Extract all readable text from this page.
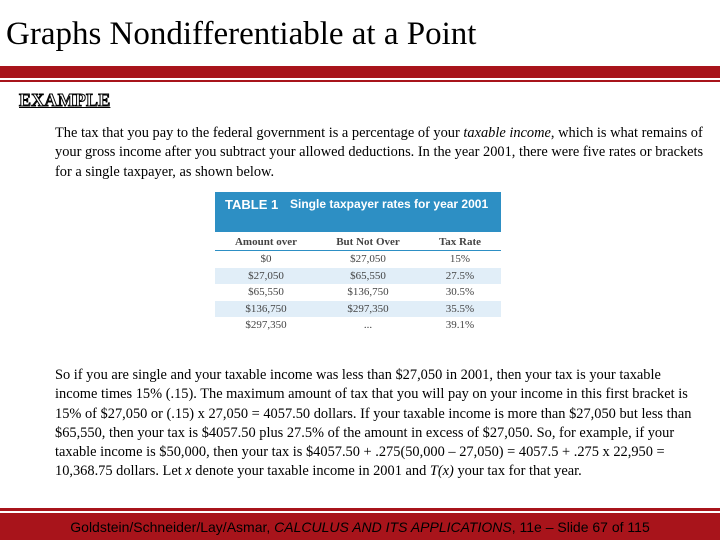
Graphs Nondifferentiable at a Point
EXAMPLE

The tax that you pay to the federal government is a percentage of your taxable income, which is what remains of your gross income after you subtract your allowed deductions. In the year 2001, there were five rates or brackets for a single taxpayer, as shown below.

TABLE 1 Single taxpayer rates for year 2001
Amount over	But Not Over	Tax Rate
$0	$27,050	15%
$27,050	$65,550	27.5%
$65,550	$136,750	30.5%
$136,750	$297,350	35.5%
$297,350	...	39.1%

So if you are single and your taxable income was less than $27,050 in 2001, then your tax is your taxable income times 15% (.15). The maximum amount of tax that you will pay on your income in this first bracket is 15% of $27,050 or (.15) x 27,050 = 4057.50 dollars. If your taxable income is more than $27,050 but less than $65,550, then your tax is $4057.50 plus 27.5% of the amount in excess of $27,050. So, for example, if your taxable income is $50,000, then your tax is $4057.50 + .275(50,000 – 27,050) = 4057.5 + .275 x 22,950 = 10,368.75 dollars. Let x denote your taxable income in 2001 and T(x) your tax for that year.

Goldstein/Schneider/Lay/Asmar, CALCULUS AND ITS APPLICATIONS, 11e – Slide 67 of 115
